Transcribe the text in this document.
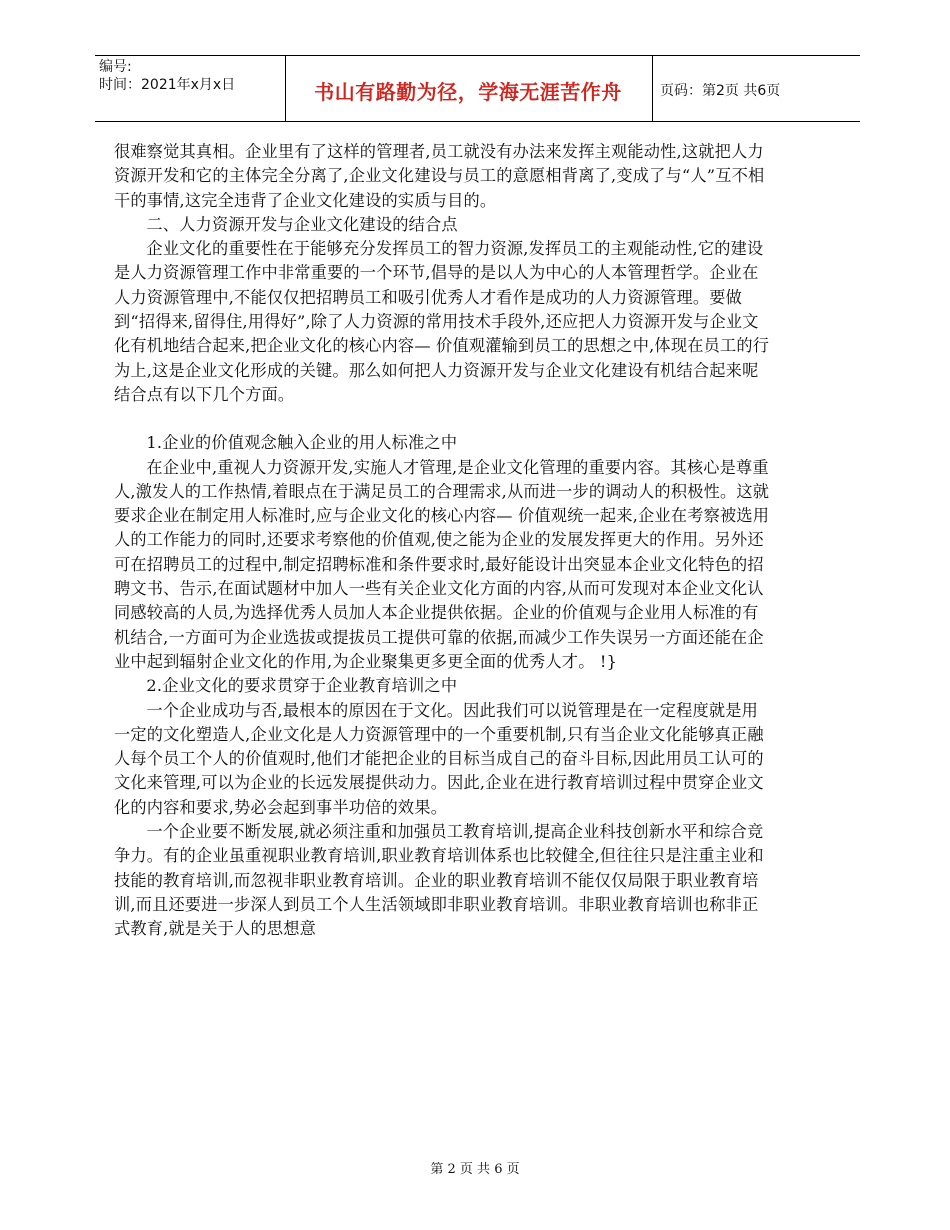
编号:
时间：2021年x月x日	书山有路勤为径，学海无涯苦作舟	页码：第2页 共6页

很难察觉其真相。企业里有了这样的管理者,员工就没有办法来发挥主观能动性,这就把人力资源开发和它的主体完全分离了,企业文化建设与员工的意愿相背离了,变成了与“人”互不相干的事情,这完全违背了企业文化建设的实质与目的。

二、人力资源开发与企业文化建设的结合点

企业文化的重要性在于能够充分发挥员工的智力资源,发挥员工的主观能动性,它的建设是人力资源管理工作中非常重要的一个环节,倡导的是以人为中心的人本管理哲学。企业在人力资源管理中,不能仅仅把招聘员工和吸引优秀人才看作是成功的人力资源管理。要做到“招得来,留得住,用得好”,除了人力资源的常用技术手段外,还应把人力资源开发与企业文化有机地结合起来,把企业文化的核心内容— 价值观灌输到员工的思想之中,体现在员工的行为上,这是企业文化形成的关键。那么如何把人力资源开发与企业文化建设有机结合起来呢结合点有以下几个方面。

1.企业的价值观念触入企业的用人标准之中

在企业中,重视人力资源开发,实施人才管理,是企业文化管理的重要内容。其核心是尊重人,激发人的工作热情,着眼点在于满足员工的合理需求,从而进一步的调动人的积极性。这就要求企业在制定用人标准时,应与企业文化的核心内容— 价值观统一起来,企业在考察被选用人的工作能力的同时,还要求考察他的价值观,使之能为企业的发展发挥更大的作用。另外还可在招聘员工的过程中,制定招聘标准和条件要求时,最好能设计出突显本企业文化特色的招聘文书、告示,在面试题材中加人一些有关企业文化方面的内容,从而可发现对本企业文化认同感较高的人员,为选择优秀人员加人本企业提供依据。企业的价值观与企业用人标准的有机结合,一方面可为企业选拔或提拔员工提供可靠的依据,而减少工作失误另一方面还能在企业中起到辐射企业文化的作用,为企业聚集更多更全面的优秀人才。 !}

2.企业文化的要求贯穿于企业教育培训之中

一个企业成功与否,最根本的原因在于文化。因此我们可以说管理是在一定程度就是用一定的文化塑造人,企业文化是人力资源管理中的一个重要机制,只有当企业文化能够真正融人每个员工个人的价值观时,他们才能把企业的目标当成自己的奋斗目标,因此用员工认可的文化来管理,可以为企业的长远发展提供动力。因此,企业在进行教育培训过程中贯穿企业文化的内容和要求,势必会起到事半功倍的效果。

一个企业要不断发展,就必须注重和加强员工教育培训,提高企业科技创新水平和综合竞争力。有的企业虽重视职业教育培训,职业教育培训体系也比较健全,但往往只是注重主业和技能的教育培训,而忽视非职业教育培训。企业的职业教育培训不能仅仅局限于职业教育培训,而且还要进一步深人到员工个人生活领域即非职业教育培训。非职业教育培训也称非正式教育,就是关于人的思想意

第 2 页 共 6 页
